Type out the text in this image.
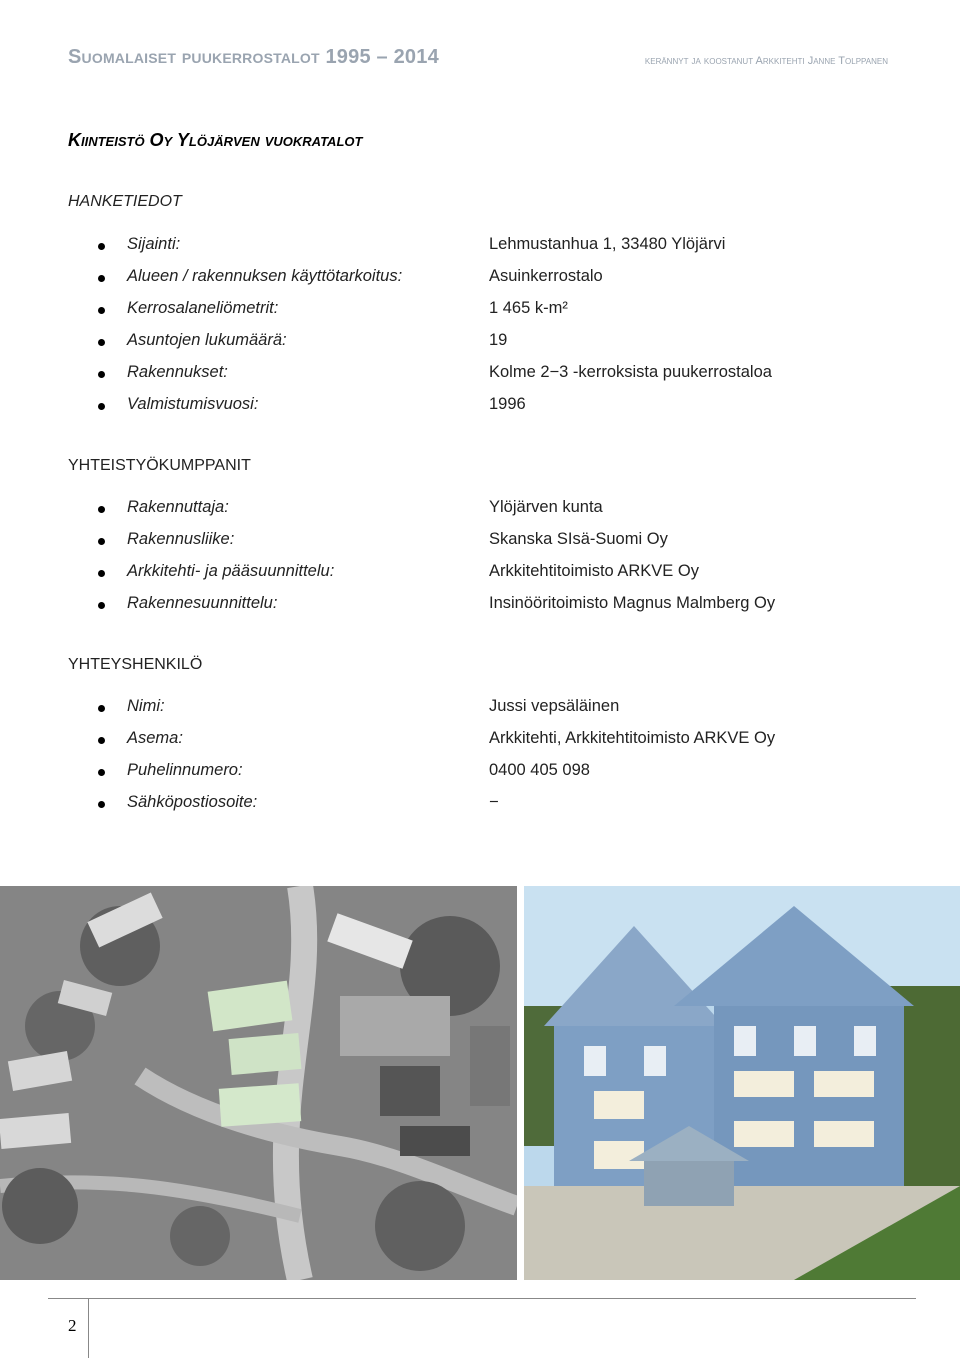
Suomalaiset puukerrostalot 1995 – 2014	kerännyt ja koostanut Arkkitehti Janne Tolppanen
Kiinteistö Oy Ylöjärven vuokratalot
HANKETIEDOT
Sijainti:	Lehmustanhua 1, 33480 Ylöjärvi
Alueen / rakennuksen käyttötarkoitus:	Asuinkerrostalo
Kerrosalaneliömetrit:	1 465 k-m²
Asuntojen lukumäärä:	19
Rakennukset:	Kolme 2−3 -kerroksista puukerrostaloa
Valmistumisvuosi:	1996
YHTEISTYÖKUMPPANIT
Rakennuttaja:	Ylöjärven kunta
Rakennusliike:	Skanska SIsä-Suomi Oy
Arkkitehti- ja pääsuunnittelu:	Arkkitehtitoimisto ARKVE Oy
Rakennesuunnittelu:	Insinööritoimisto Magnus Malmberg Oy
YHTEYSHENKILÖ
Nimi:	Jussi vepsäläinen
Asema:	Arkkitehti, Arkkitehtitoimisto ARKVE Oy
Puhelinnumero:	0400 405 098
Sähköpostiosoite:	−
2
